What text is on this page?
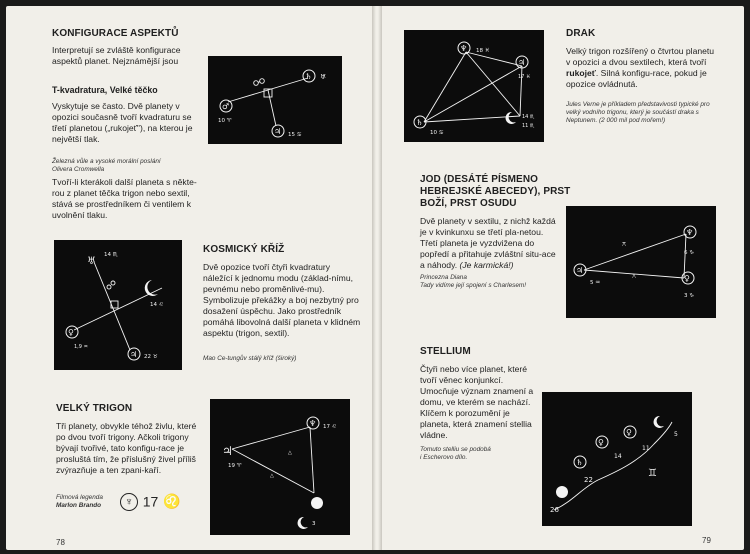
KONFIGURACE ASPEKTŮ
Interpretují se zvláště konfigurace aspektů planet. Nejznámější jsou
T-kvadratura, Velké těčko
Vyskytuje se často. Dvě planety v opozici současně tvoří kvadraturu se třetí planetou („rukojeť"), na kterou je největší tlak.
Železná vůle a vysoké morální poslání
Olivera Cromwella
Tvoří-li kterákoli další planeta s někte-rou z planet těčka trigon nebo sextil, stává se prostředníkem či ventilem k uvolnění tlaku.
♂
♄
♃
♅
10 ♈
15 ♋
♅
♀
♃
14 ♏
14 ♌
1,9 ♒
22 ♉
KOSMICKÝ KŘÍŽ
Dvě opozice tvoří čtyři kvadratury náležící k jednomu modu (základ-nímu, pevnému nebo proměnlivé-mu). Symbolizuje překážky a boj nezbytný pro dosažení úspěchu. Jako prostředník pomáhá libovolná další planeta v klidném aspektu (trigon, sextil).
Mao Ce-tungův stálý kříž (široký)
VELKÝ TRIGON
Tři planety, obvykle téhož živlu, které po dvou tvoří trigony. Ačkoli trigony bývají tvořivé, tato konfigu-race je prosluštá tím, že příslušný živel příliš zvýrazňuje a ten zpani-kaří.
Filmová legenda
Marlon Brando	♆ 17 ♌
♃
♆
△
△
17 ♌
19 ♈
3
78
♆
♃
♄
18 ♓
17 ♓
14 ♏
11 ♏
10 ♋
DRAK
Velký trigon rozšířený o čtvrtou planetu v opozici a dvou sextilech, která tvoří rukojeť. Silná konfigu-race, pokud je opozice ovládnutá.
Jules Verne je příkladem představivosti typické pro velký vodního trigonu, který je součástí draka s Neptunem. (2 000 mil pod mořem!)
JOD (DESÁTÉ PÍSMENO
HEBREJSKÉ ABECEDY), PRST
BOŽÍ, PRST OSUDU
Dvě planety v sextilu, z nichž každá je v kvinkunxu se třetí pla-netou. Třetí planeta je vyzdvižena do popředí a přitahuje zvláštní situ-ace a náhody. (Je karmická!)
Princezna Diana
Tady vidíme její spojení s Charlesem!
♃
♆
♀
⚻
⚻
5 ♒
6 ♑
3 ♑
STELLIUM
Čtyři nebo více planet, které tvoří věnec konjunkcí. Umocňuje význam znamení a domu, ve kterém se nachází. Klíčem k porozumění je planeta, která znamení stellia vládne.
Tomuto stelliu se podobá
i Escherovo dílo.
♄
♀
♀
♊
22
26
14
11
5
79
